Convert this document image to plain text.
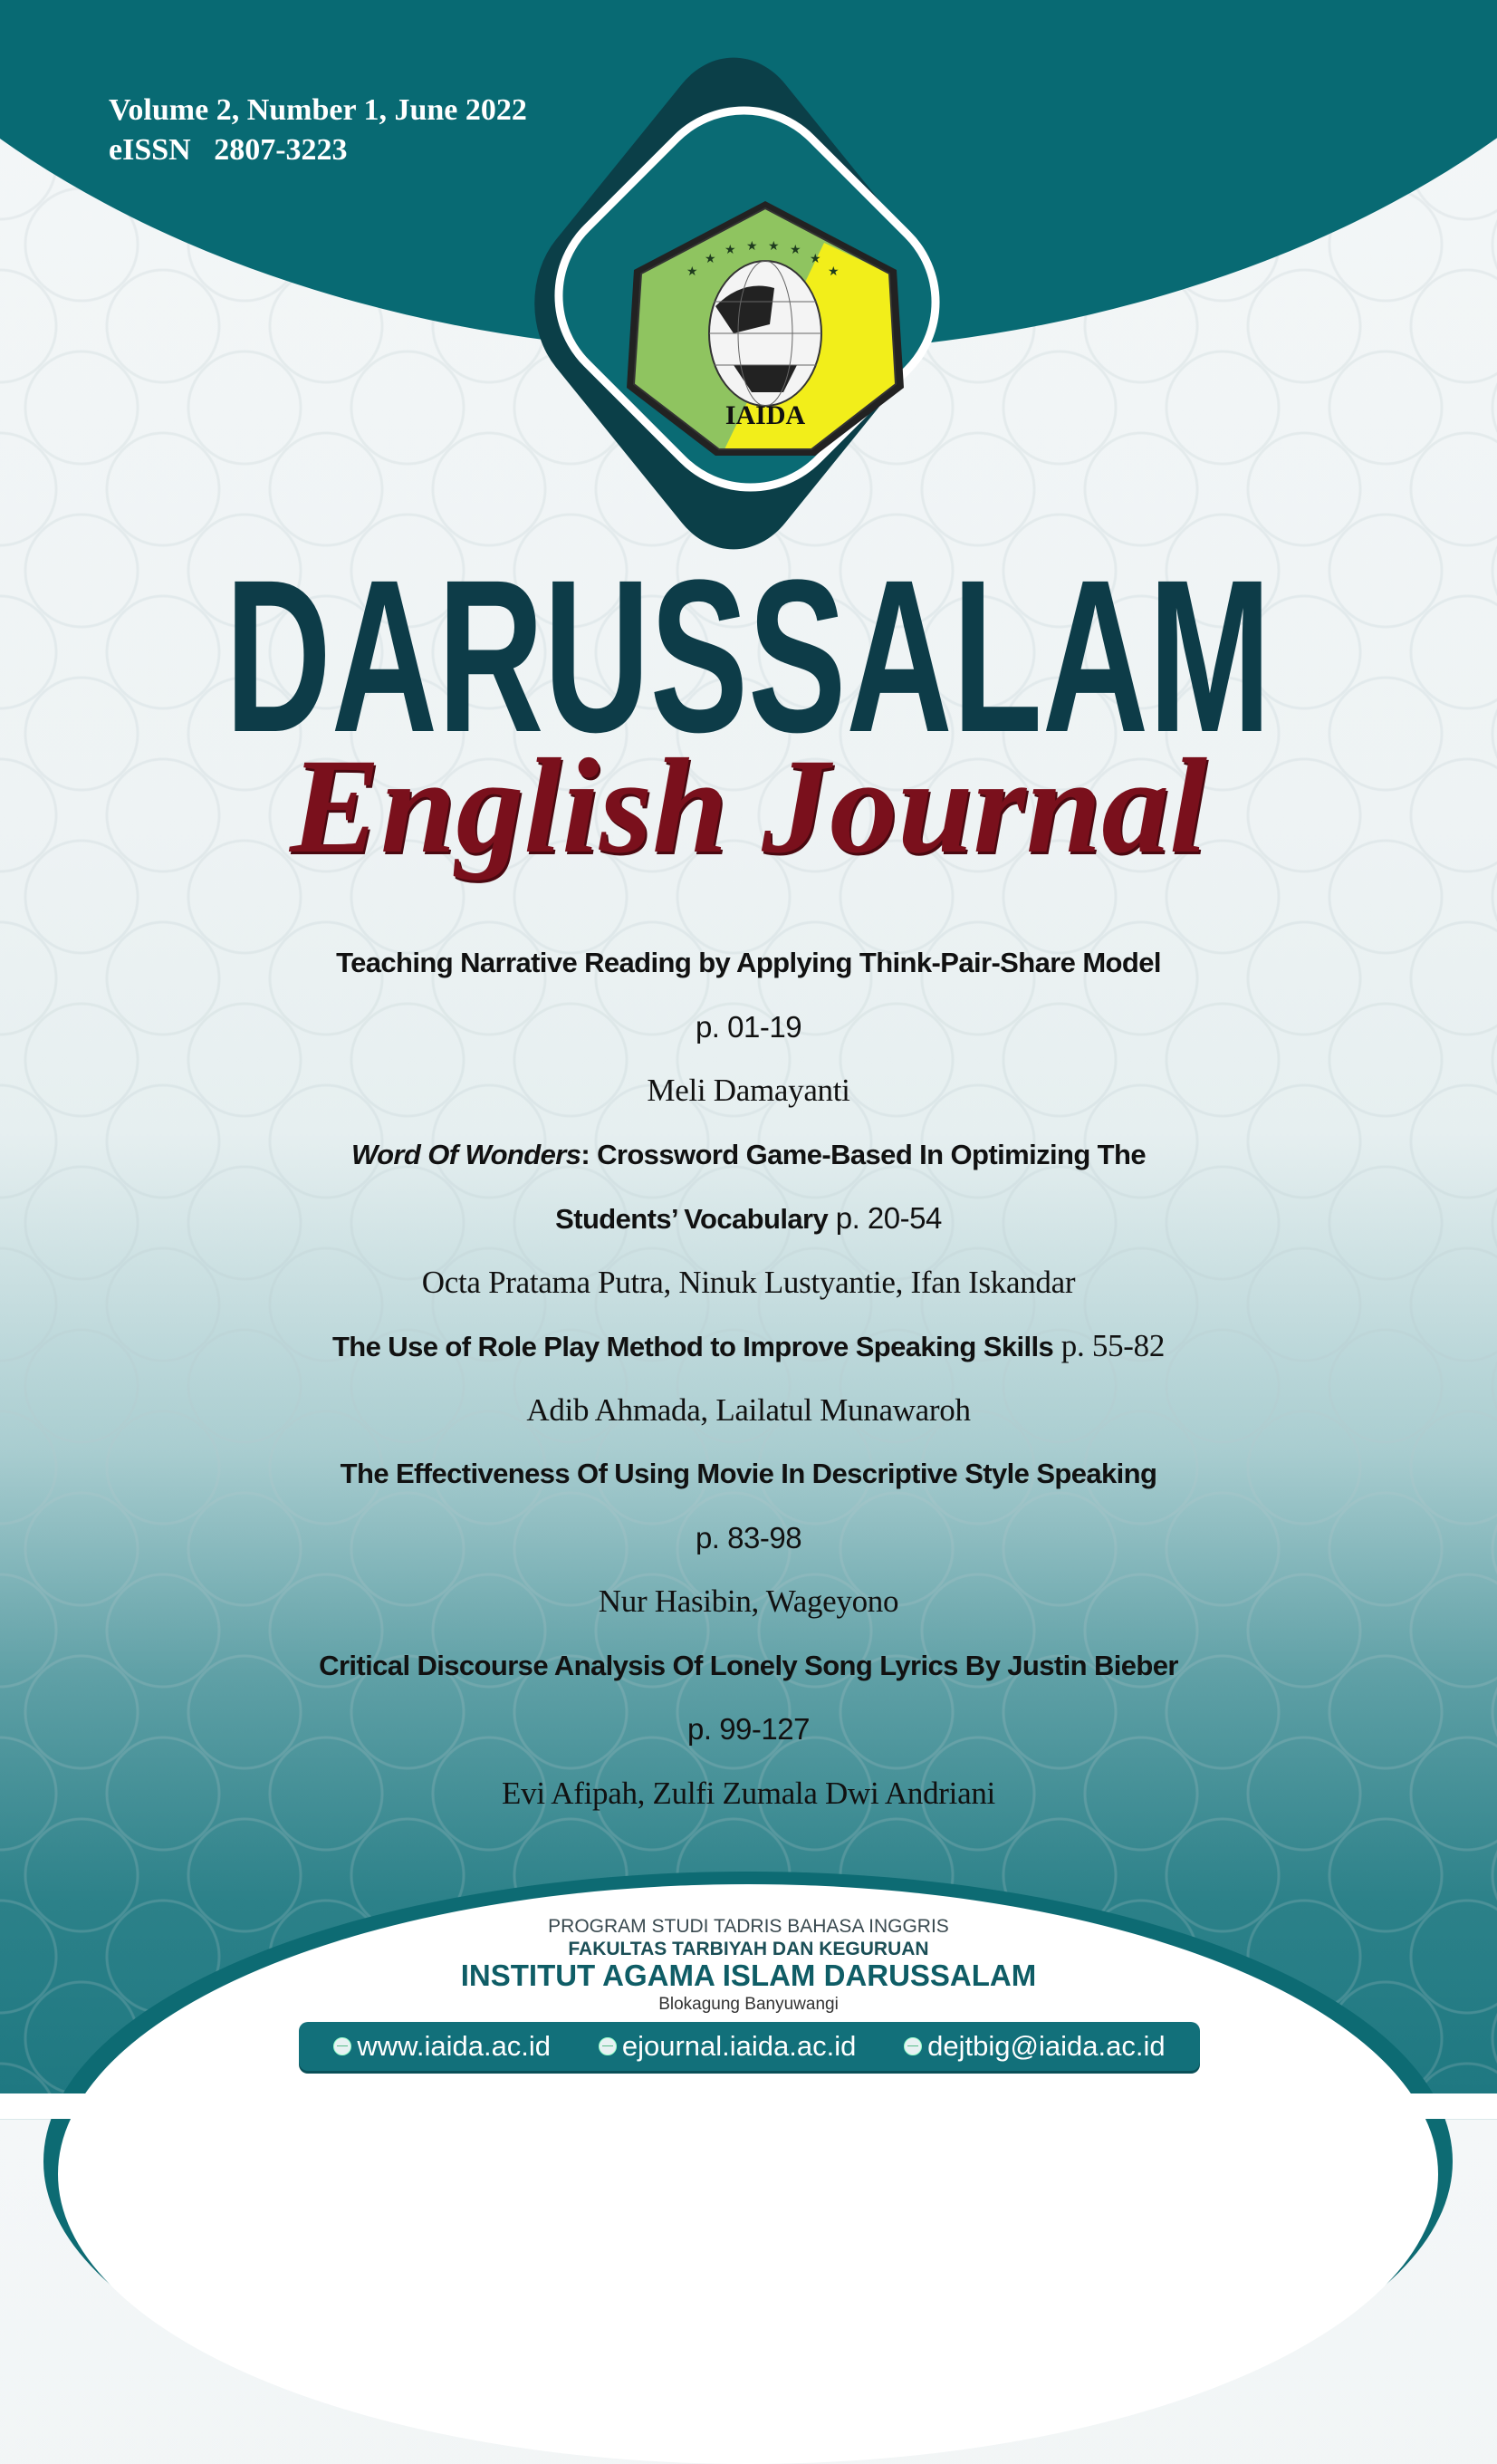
Volume 2, Number 1, June 2022
eISSN   2807-3223
★
★
★ ★ ★ ★
★
★
IAIDA
DARUSSALAM
English Journal
Teaching Narrative Reading by Applying Think-Pair-Share Model
p. 01-19
Meli Damayanti
Word Of Wonders: Crossword Game-Based In Optimizing The
Students’ Vocabulary p. 20-54
Octa Pratama Putra, Ninuk Lustyantie, Ifan Iskandar
The Use of Role Play Method to Improve Speaking Skills p. 55-82
Adib Ahmada, Lailatul Munawaroh
The Effectiveness Of Using Movie In Descriptive Style Speaking
p. 83-98
Nur Hasibin, Wageyono
Critical Discourse Analysis Of Lonely Song Lyrics By Justin Bieber
p. 99-127
Evi Afipah, Zulfi Zumala Dwi Andriani
PROGRAM STUDI TADRIS BAHASA INGGRIS
FAKULTAS TARBIYAH DAN KEGURUAN
INSTITUT AGAMA ISLAM DARUSSALAM
Blokagung Banyuwangi
www.iaida.ac.id	ejournal.iaida.ac.id	dejtbig@iaida.ac.id
